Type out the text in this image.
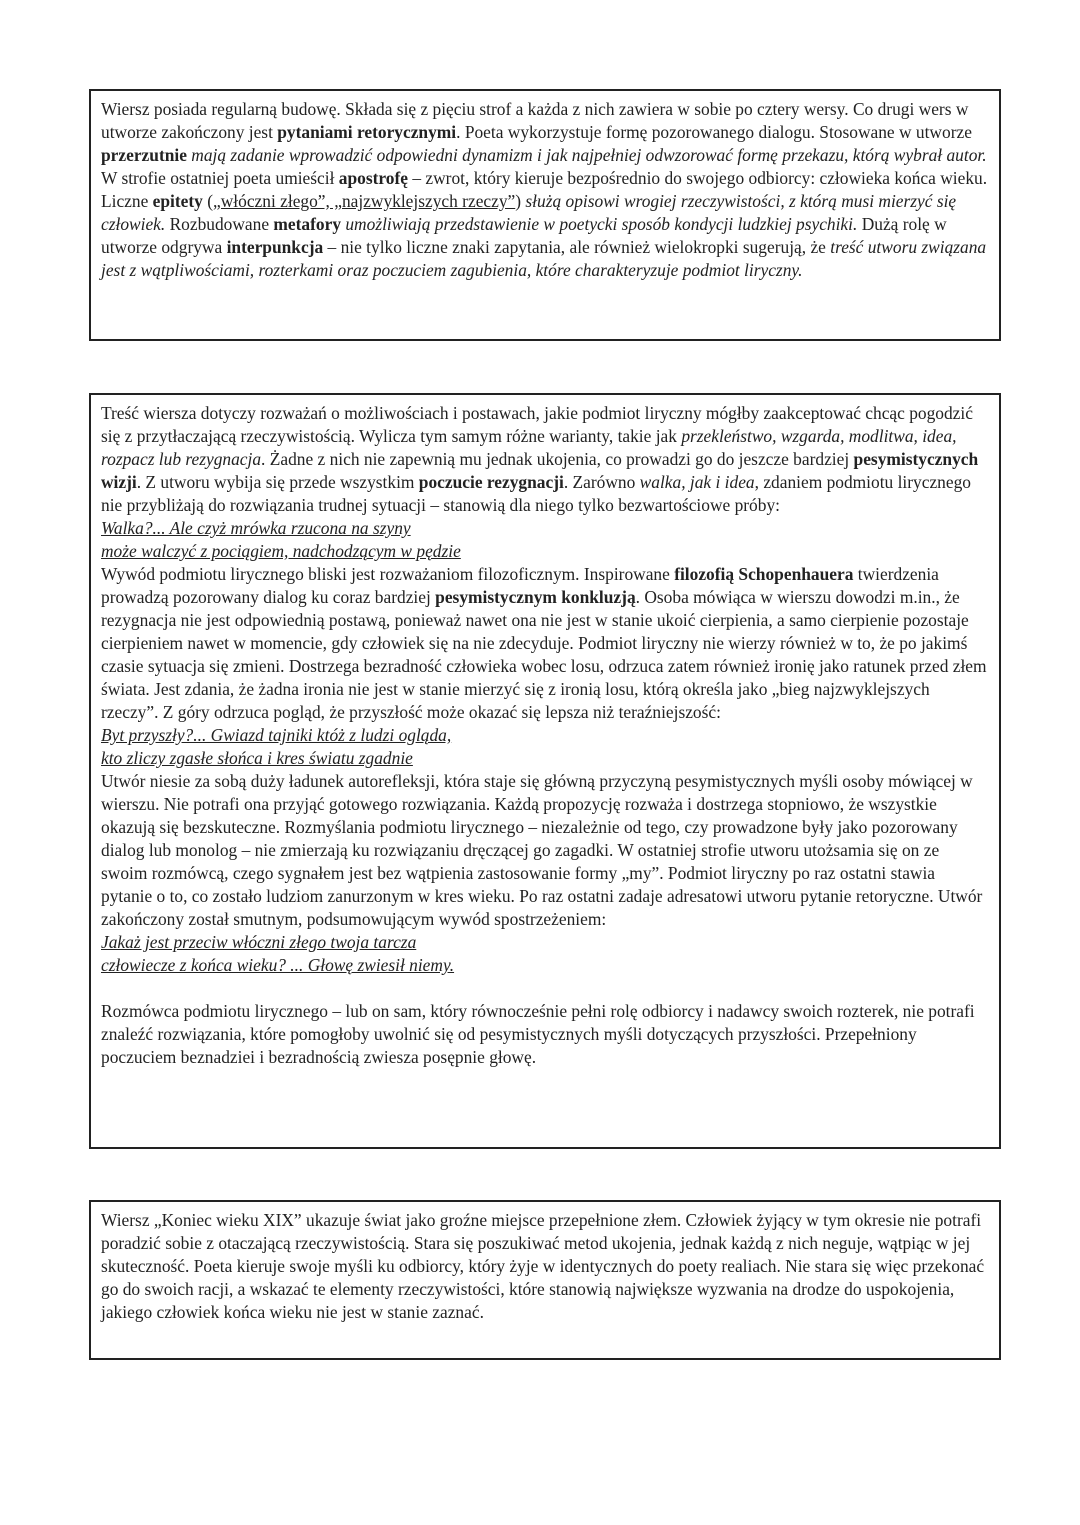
Wiersz posiada regularną budowę. Składa się z pięciu strof a każda z nich zawiera w sobie po cztery wersy. Co drugi wers w utworze zakończony jest pytaniami retorycznymi. Poeta wykorzystuje formę pozorowanego dialogu. Stosowane w utworze przerzutnie mają zadanie wprowadzić odpowiedni dynamizm i jak najpełniej odwzorować formę przekazu, którą wybrał autor. W strofie ostatniej poeta umieścił apostrofę – zwrot, który kieruje bezpośrednio do swojego odbiorcy: człowieka końca wieku. Liczne epitety („włóczni złego”, „najzwyklejszych rzeczy”) służą opisowi wrogiej rzeczywistości, z którą musi mierzyć się człowiek. Rozbudowane metafory umożliwiają przedstawienie w poetycki sposób kondycji ludzkiej psychiki. Dużą rolę w utworze odgrywa interpunkcja – nie tylko liczne znaki zapytania, ale również wielokropki sugerują, że treść utworu związana jest z wątpliwościami, rozterkami oraz poczuciem zagubienia, które charakteryzuje podmiot liryczny.

Treść wiersza dotyczy rozważań o możliwościach i postawach, jakie podmiot liryczny mógłby zaakceptować chcąc pogodzić się z przytłaczającą rzeczywistością. Wylicza tym samym różne warianty, takie jak przekleństwo, wzgarda, modlitwa, idea, rozpacz lub rezygnacja. Żadne z nich nie zapewnią mu jednak ukojenia, co prowadzi go do jeszcze bardziej pesymistycznych wizji. Z utworu wybija się przede wszystkim poczucie rezygnacji. Zarówno walka, jak i idea, zdaniem podmiotu lirycznego nie przybliżają do rozwiązania trudnej sytuacji – stanowią dla niego tylko bezwartościowe próby:

Walka?... Ale czyż mrówka rzucona na szyny
może walczyć z pociągiem, nadchodzącym w pędzie

Wywód podmiotu lirycznego bliski jest rozważaniom filozoficznym. Inspirowane filozofią Schopenhauera twierdzenia prowadzą pozorowany dialog ku coraz bardziej pesymistycznym konkluzją. Osoba mówiąca w wierszu dowodzi m.in., że rezygnacja nie jest odpowiednią postawą, ponieważ nawet ona nie jest w stanie ukoić cierpienia, a samo cierpienie pozostaje cierpieniem nawet w momencie, gdy człowiek się na nie zdecyduje. Podmiot liryczny nie wierzy również w to, że po jakimś czasie sytuacja się zmieni. Dostrzega bezradność człowieka wobec losu, odrzuca zatem również ironię jako ratunek przed złem świata. Jest zdania, że żadna ironia nie jest w stanie mierzyć się z ironią losu, którą określa jako „bieg najzwyklejszych rzeczy”. Z góry odrzuca pogląd, że przyszłość może okazać się lepsza niż teraźniejszość:

Byt przyszły?... Gwiazd tajniki któż z ludzi ogląda,
kto zliczy zgasłe słońca i kres światu zgadnie

Utwór niesie za sobą duży ładunek autorefleksji, która staje się główną przyczyną pesymistycznych myśli osoby mówiącej w wierszu. Nie potrafi ona przyjąć gotowego rozwiązania. Każdą propozycję rozważa i dostrzega stopniowo, że wszystkie okazują się bezskuteczne. Rozmyślania podmiotu lirycznego – niezależnie od tego, czy prowadzone były jako pozorowany dialog lub monolog – nie zmierzają ku rozwiązaniu dręczącej go zagadki. W ostatniej strofie utworu utożsamia się on ze swoim rozmówcą, czego sygnałem jest bez wątpienia zastosowanie formy „my”. Podmiot liryczny po raz ostatni stawia pytanie o to, co zostało ludziom zanurzonym w kres wieku. Po raz ostatni zadaje adresatowi utworu pytanie retoryczne. Utwór zakończony został smutnym, podsumowującym wywód spostrzeżeniem:

Jakaż jest przeciw włóczni złego twoja tarcza
człowiecze z końca wieku? ... Głowę zwiesił niemy.

Rozmówca podmiotu lirycznego – lub on sam, który równocześnie pełni rolę odbiorcy i nadawcy swoich rozterek, nie potrafi znaleźć rozwiązania, które pomogłoby uwolnić się od pesymistycznych myśli dotyczących przyszłości. Przepełniony poczuciem beznadziei i bezradnością zwiesza posępnie głowę.

Wiersz „Koniec wieku XIX” ukazuje świat jako groźne miejsce przepełnione złem. Człowiek żyjący w tym okresie nie potrafi poradzić sobie z otaczającą rzeczywistością. Stara się poszukiwać metod ukojenia, jednak każdą z nich neguje, wątpiąc w jej skuteczność. Poeta kieruje swoje myśli ku odbiorcy, który żyje w identycznych do poety realiach. Nie stara się więc przekonać go do swoich racji, a wskazać te elementy rzeczywistości, które stanowią największe wyzwania na drodze do uspokojenia, jakiego człowiek końca wieku nie jest w stanie zaznać.
